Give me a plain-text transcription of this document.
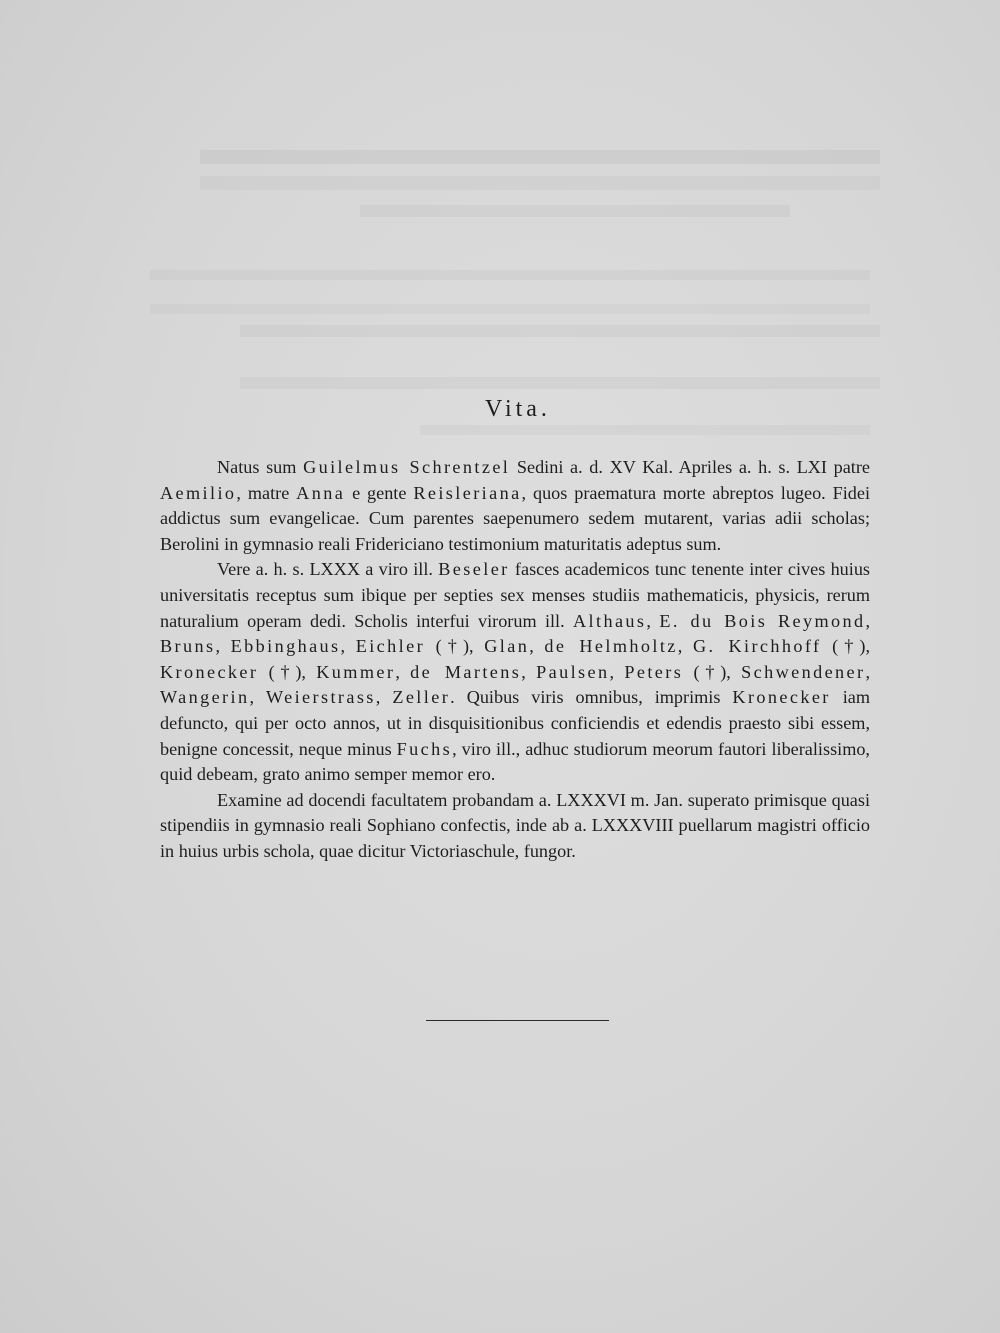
Vita.

Natus sum Guilelmus Schrentzel Sedini a. d. XV Kal. Apriles a. h. s. LXI patre Aemilio, matre Anna e gente Reisleriana, quos praematura morte abreptos lugeo. Fidei addictus sum evangelicae. Cum parentes saepenumero sedem mutarent, varias adii scholas; Berolini in gymnasio reali Fridericiano testimonium maturitatis adeptus sum.

Vere a. h. s. LXXX a viro ill. Beseler fasces academicos tunc tenente inter cives huius universitatis receptus sum ibique per septies sex menses studiis mathematicis, physicis, rerum naturalium operam dedi. Scholis interfui virorum ill. Althaus, E. du Bois Reymond, Bruns, Ebbinghaus, Eichler (†), Glan, de Helmholtz, G. Kirchhoff (†), Kronecker (†), Kummer, de Martens, Paulsen, Peters (†), Schwendener, Wangerin, Weierstrass, Zeller. Quibus viris omnibus, imprimis Kronecker iam defuncto, qui per octo annos, ut in disquisitionibus conficiendis et edendis praesto sibi essem, benigne concessit, neque minus Fuchs, viro ill., adhuc studiorum meorum fautori liberalissimo, quid debeam, grato animo semper memor ero.

Examine ad docendi facultatem probandam a. LXXXVI m. Jan. superato primisque quasi stipendiis in gymnasio reali Sophiano confectis, inde ab a. LXXXVIII puellarum magistri officio in huius urbis schola, quae dicitur Victoriaschule, fungor.
